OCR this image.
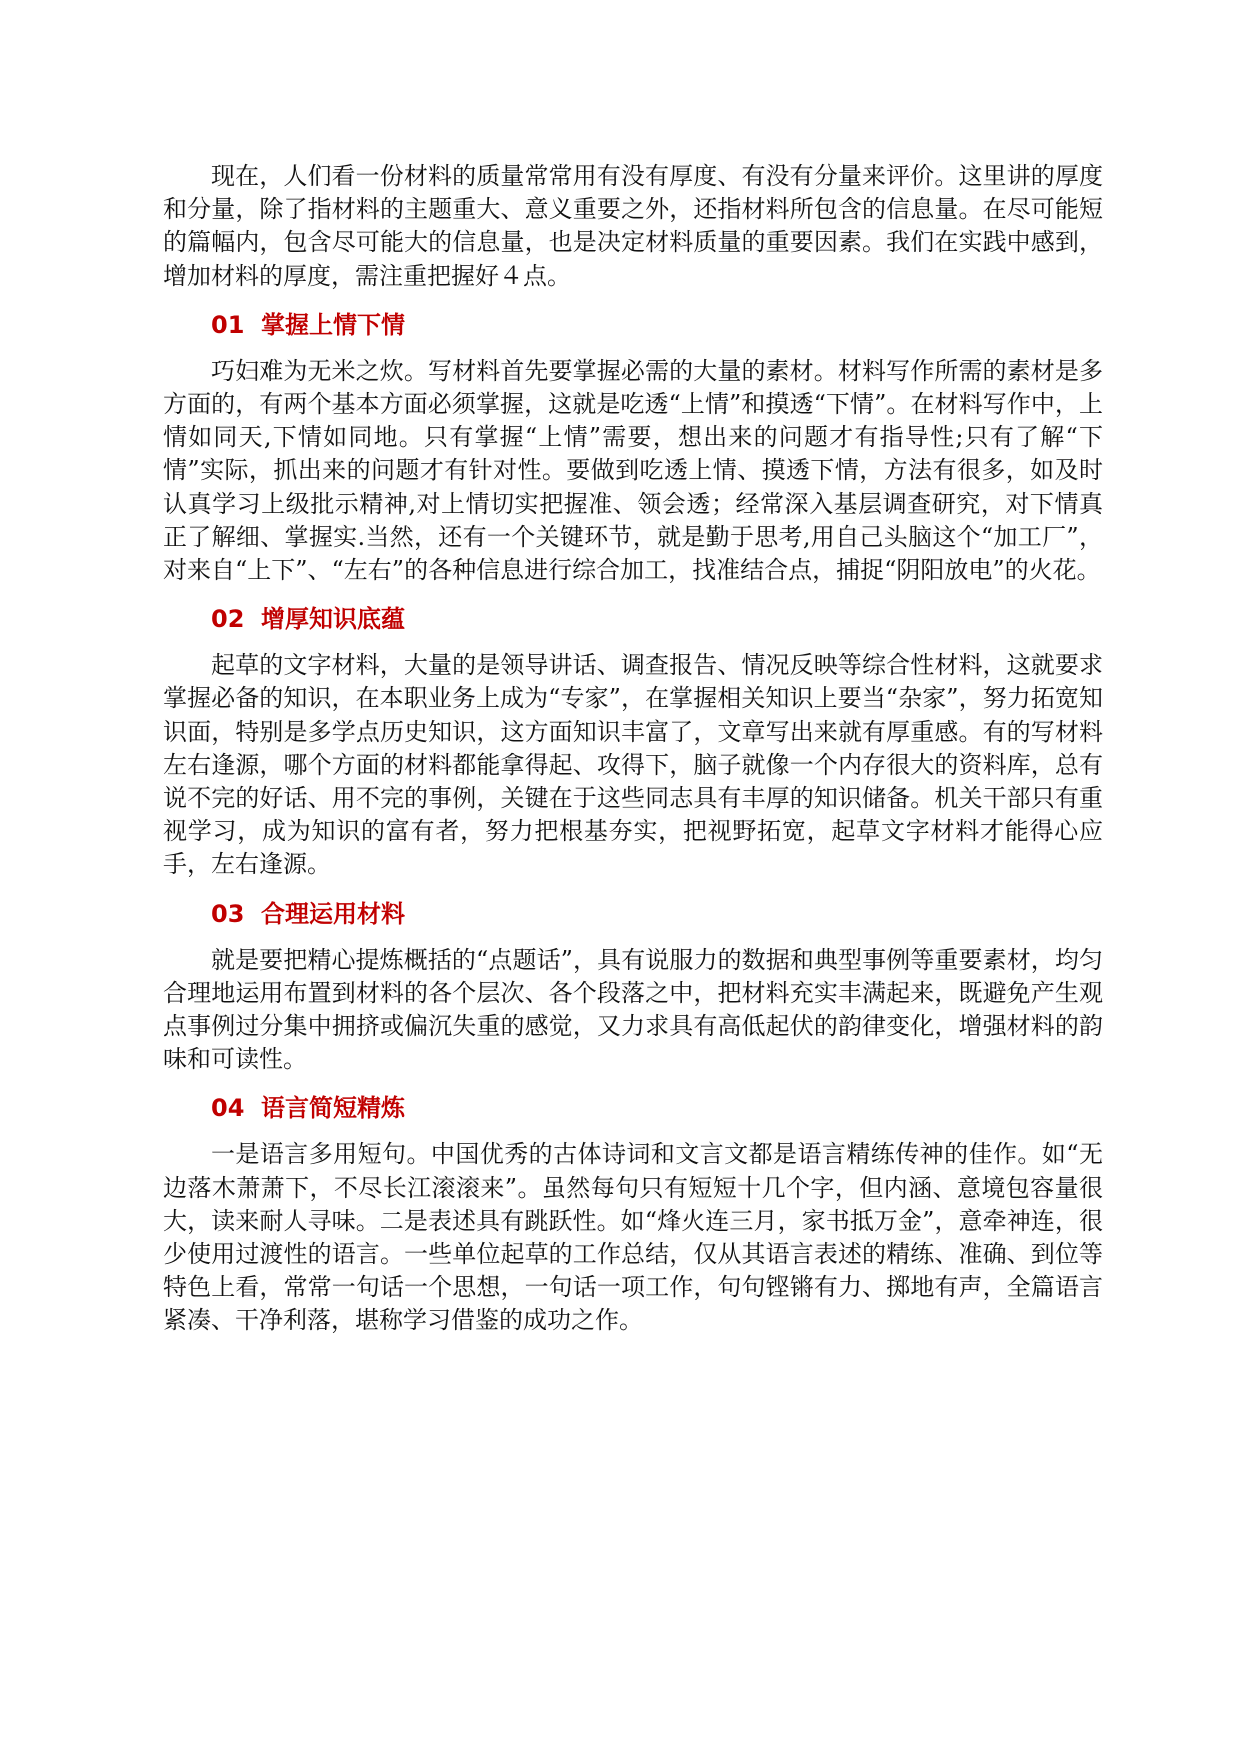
现在，人们看一份材料的质量常常用有没有厚度、有没有分量来评价。这里讲的厚度和分量，除了指材料的主题重大、意义重要之外，还指材料所包含的信息量。在尽可能短的篇幅内，包含尽可能大的信息量，也是决定材料质量的重要因素。我们在实践中感到，增加材料的厚度，需注重把握好４点。

01 掌握上情下情

巧妇难为无米之炊。写材料首先要掌握必需的大量的素材。材料写作所需的素材是多方面的，有两个基本方面必须掌握，这就是吃透“上情”和摸透“下情”。在材料写作中，上情如同天,下情如同地。只有掌握“上情”需要，想出来的问题才有指导性;只有了解“下情”实际，抓出来的问题才有针对性。要做到吃透上情、摸透下情，方法有很多，如及时认真学习上级批示精神,对上情切实把握准、领会透；经常深入基层调查研究，对下情真正了解细、掌握实.当然，还有一个关键环节，就是勤于思考,用自己头脑这个“加工厂”，对来自“上下”、“左右”的各种信息进行综合加工，找准结合点，捕捉“阴阳放电”的火花。

02 增厚知识底蕴

起草的文字材料，大量的是领导讲话、调查报告、情况反映等综合性材料，这就要求掌握必备的知识，在本职业务上成为“专家”，在掌握相关知识上要当“杂家”，努力拓宽知识面，特别是多学点历史知识，这方面知识丰富了，文章写出来就有厚重感。有的写材料左右逢源，哪个方面的材料都能拿得起、攻得下，脑子就像一个内存很大的资料库，总有说不完的好话、用不完的事例，关键在于这些同志具有丰厚的知识储备。机关干部只有重视学习，成为知识的富有者，努力把根基夯实，把视野拓宽，起草文字材料才能得心应手，左右逢源。

03 合理运用材料

就是要把精心提炼概括的“点题话”，具有说服力的数据和典型事例等重要素材，均匀合理地运用布置到材料的各个层次、各个段落之中，把材料充实丰满起来，既避免产生观点事例过分集中拥挤或偏沉失重的感觉，又力求具有高低起伏的韵律变化，增强材料的韵味和可读性。

04 语言简短精炼

一是语言多用短句。中国优秀的古体诗词和文言文都是语言精练传神的佳作。如“无边落木萧萧下，不尽长江滚滚来”。虽然每句只有短短十几个字，但内涵、意境包容量很大，读来耐人寻味。二是表述具有跳跃性。如“烽火连三月，家书抵万金”，意牵神连，很少使用过渡性的语言。一些单位起草的工作总结，仅从其语言表述的精练、准确、到位等特色上看，常常一句话一个思想，一句话一项工作，句句铿锵有力、掷地有声，全篇语言紧凑、干净利落，堪称学习借鉴的成功之作。
